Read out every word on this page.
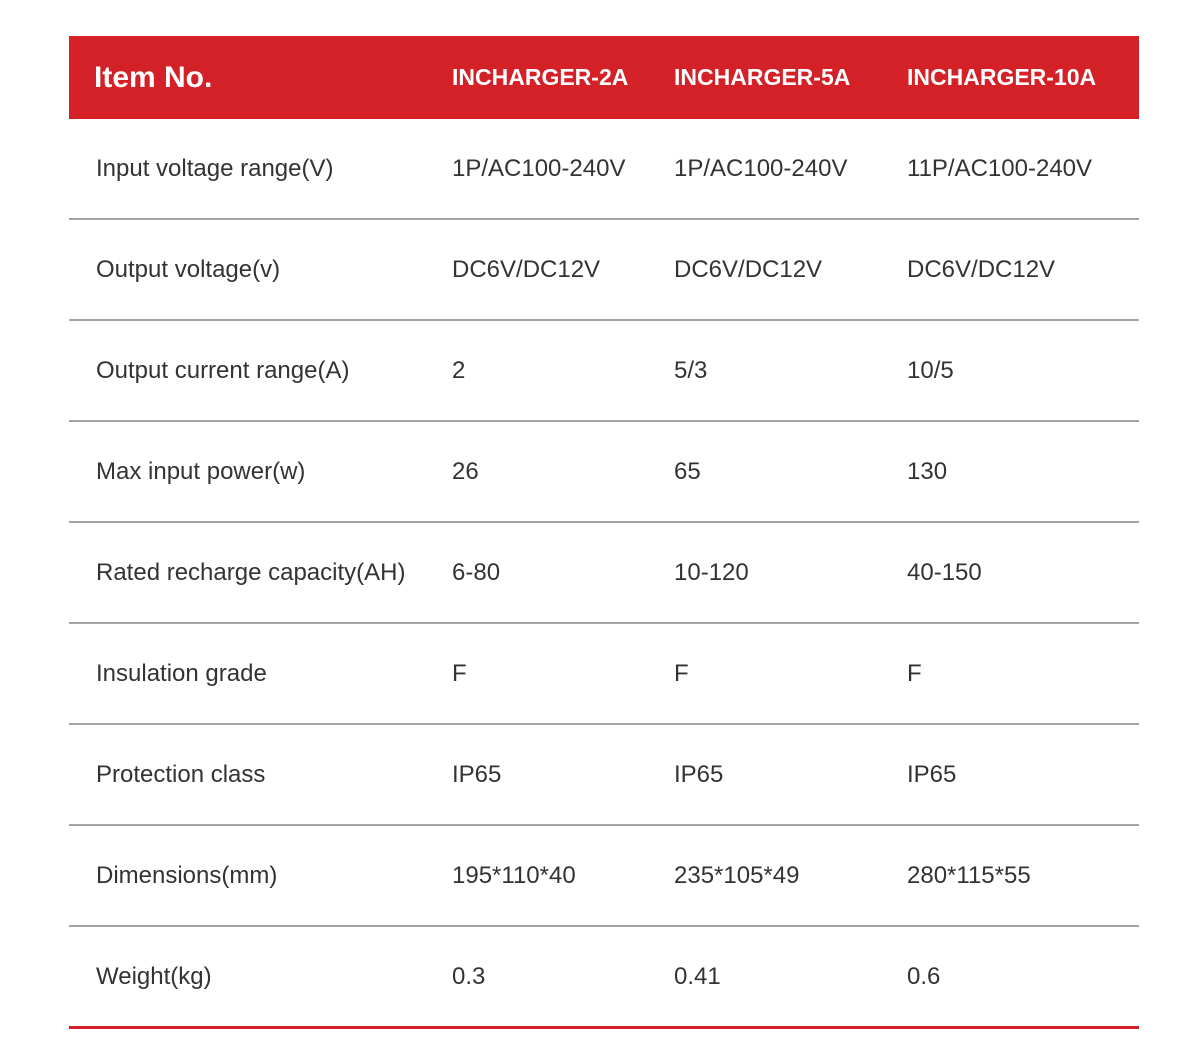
Item No.	INCHARGER-2A INCHARGER-5A INCHARGER-10A
Input voltage range(V)	1P/AC100-240V 1P/AC100-240V 11P/AC100-240V
Output voltage(v)	DC6V/DC12V	DC6V/DC12V	DC6V/DC12V
Output current range(A)	2	5/3	10/5
Max input power(w)	26	65	130
Rated recharge capacity(AH) 6-80	10-120	40-150
Insulation grade	F	F	F
Protection class	IP65	IP65	IP65
Dimensions(mm)	195*110*40	235*105*49	280*115*55
Weight(kg)	0.3	0.41	0.6
